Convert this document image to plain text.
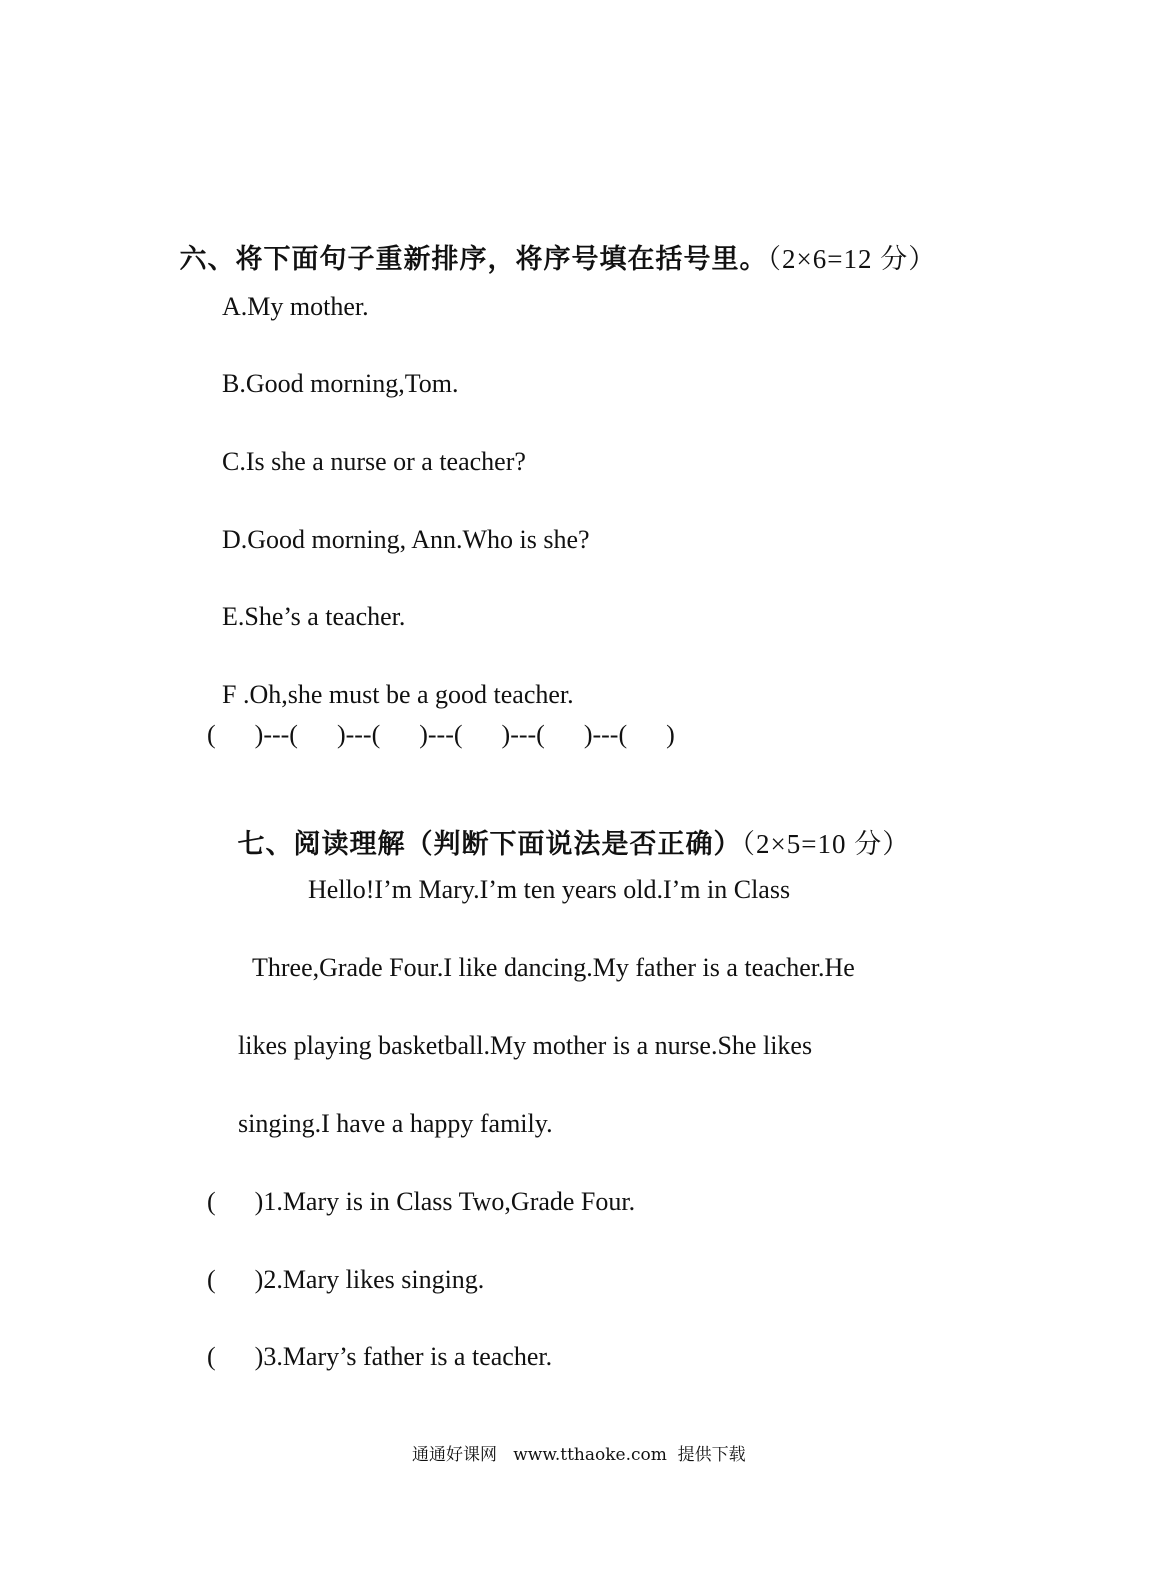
六、将下面句子重新排序，将序号填在括号里。（2×6=12 分）

A.My mother.
B.Good morning,Tom.
C.Is she a nurse or a teacher?
D.Good morning, Ann.Who is she?
E.She’s a teacher.
F .Oh,she must be a good teacher.
(      )---(      )---(      )---(      )---(      )---(      )

七、阅读理解（判断下面说法是否正确）（2×5=10 分）

Hello!I’m Mary.I’m ten years old.I’m in Class
Three,Grade Four.I like dancing.My father is a teacher.He
likes playing basketball.My mother is a nurse.She likes
singing.I have a happy family.
(      )1.Mary is in Class Two,Grade Four.
(      )2.Mary likes singing.
(      )3.Mary’s father is a teacher.
通通好课网   www.tthaoke.com  提供下载
